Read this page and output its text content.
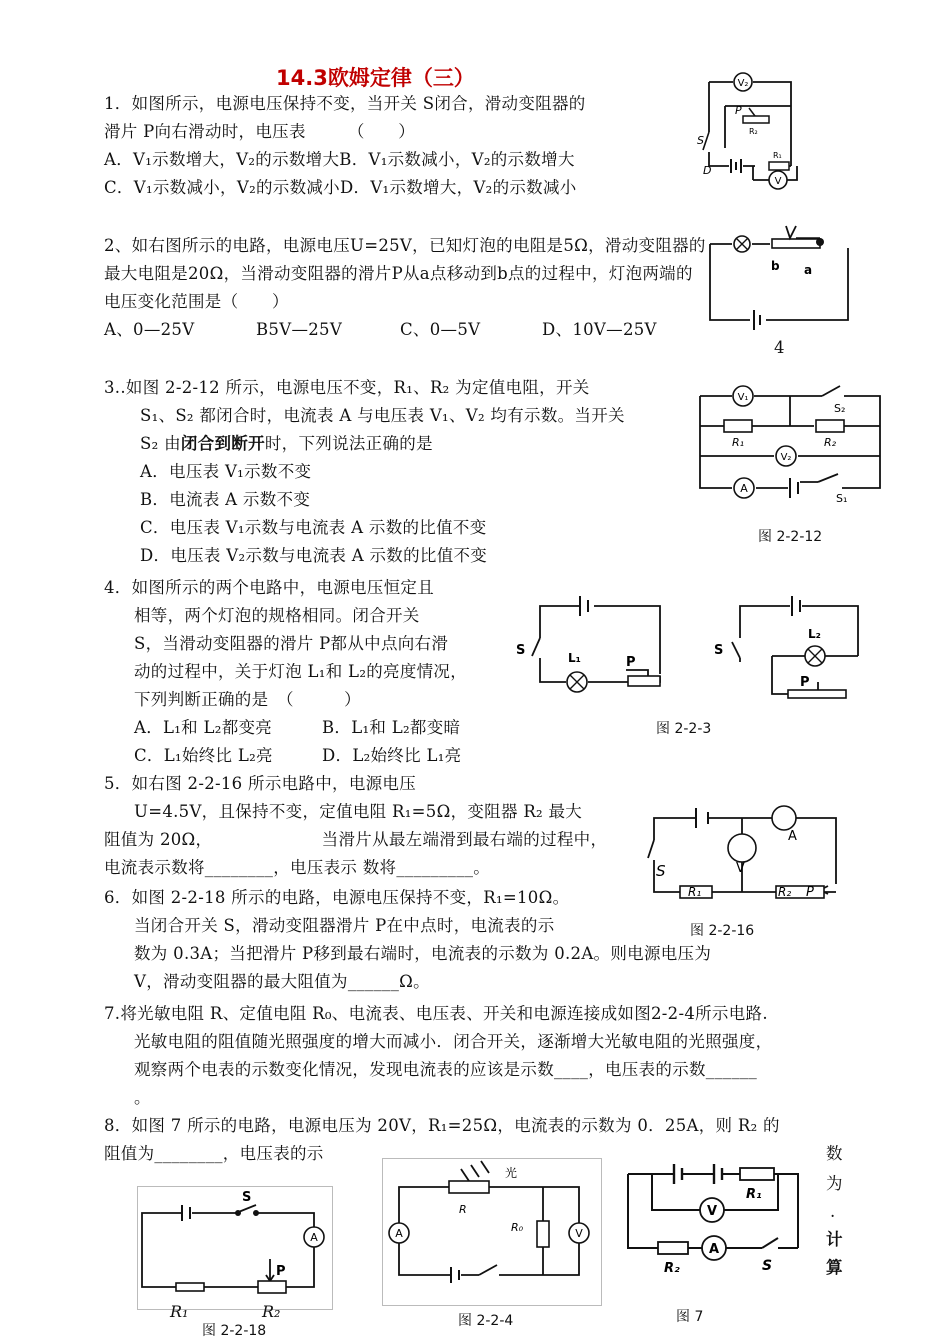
14.3欧姆定律（三）
1．如图所示，电源电压保持不变，当开关 S闭合，滑动变阻器的
滑片 P向右滑动时，电压表　　　（　　）
A．V₁示数增大，V₂的示数增大B．V₁示数减小，V₂的示数增大
C．V₁示数减小，V₂的示数减小D．V₁示数增大，V₂的示数减小
V₂
P
R₂
R₁
S
D
V
2、如右图所示的电路，电源电压U=25V，已知灯泡的电阻是5Ω，滑动变阻器的
最大电阻是20Ω，当滑动变阻器的滑片P从a点移动到b点的过程中，灯泡两端的
电压变化范围是（　　）
A、0—25V	B5V—25V	C、0—5V	D、10V—25V
b a
4
3..如图 2-2-12 所示，电源电压不变，R₁、R₂ 为定值电阻，开关
S₁、S₂ 都闭合时，电流表 A 与电压表 V₁、V₂ 均有示数。当开关
S₂ 由闭合到断开时，下列说法正确的是
A．电压表 V₁示数不变
B．电流表 A 示数不变
C．电压表 V₁示数与电流表 A 示数的比值不变
D．电压表 V₂示数与电流表 A 示数的比值不变
V₁
R₁	R₂
S₂
V₂
A
S₁
图 2-2-12
4．如图所示的两个电路中，电源电压恒定且
相等，两个灯泡的规格相同。闭合开关
S，当滑动变阻器的滑片 P都从中点向右滑
动的过程中，关于灯泡 L₁和 L₂的亮度情况，
下列判断正确的是　（　　　）
A．L₁和 L₂都变亮	B．L₁和 L₂都变暗
C．L₁始终比 L₂亮	D．L₂始终比 L₁亮
S	L₁	P
S
L₂
P
图 2-2-3
5．如右图 2-2-16 所示电路中，电源电压
U=4.5V，且保持不变，定值电阻 R₁=5Ω，变阻器 R₂ 最大
阻值为 20Ω，　　　　　　　当滑片从最左端滑到最右端的过程中，
电流表示数将________，电压表示 数将_________。
A
V
S
R₁	R₂ P
图 2-2-16
6．如图 2-2-18 所示的电路，电源电压保持不变，R₁=10Ω。
当闭合开关 S，滑动变阻器滑片 P在中点时，电流表的示
数为 0.3A；当把滑片 P移到最右端时，电流表的示数为 0.2A。则电源电压为
V，滑动变阻器的最大阻值为______Ω。
7.将光敏电阻 R、定值电阻 R₀、电流表、电压表、开关和电源连接成如图2-2-4所示电路.
光敏电阻的阻值随光照强度的增大而减小．闭合开关，逐渐增大光敏电阻的光照强度，
观察两个电表的示数变化情况，发现电流表的应该是示数____，电压表的示数______
。
8．如图 7 所示的电路，电源电压为 20V，R₁=25Ω，电流表的示数为 0．25A，则 R₂ 的
阻值为________，电压表的示	数
为
.
计
算
S
A
P
R₁	R₂
图 2-2-18
R
光
R₀
A	V
图 2-2-4
R₁
V
R₂
A
S
图 7
